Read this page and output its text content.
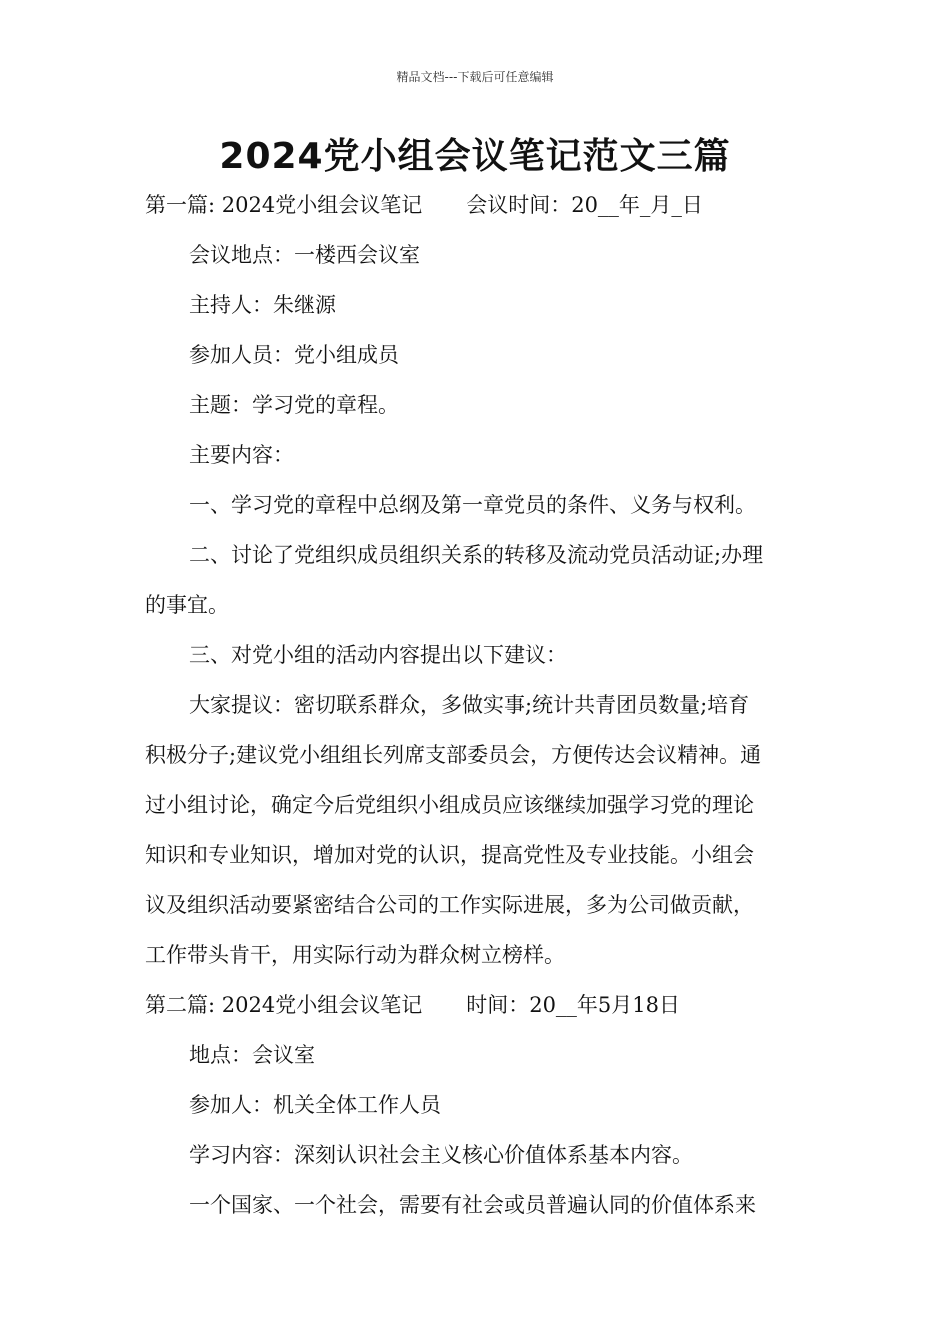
精品文档---下载后可任意编辑
2024党小组会议笔记范文三篇
第一篇: 2024党小组会议笔记 会议时间：20__年_月_日
会议地点：一楼西会议室
主持人：朱继源
参加人员：党小组成员
主题：学习党的章程。
主要内容：
一、学习党的章程中总纲及第一章党员的条件、义务与权利。
二、讨论了党组织成员组织关系的转移及流动党员活动证;办理
的事宜。
三、对党小组的活动内容提出以下建议：
大家提议：密切联系群众，多做实事;统计共青团员数量;培育
积极分子;建议党小组组长列席支部委员会，方便传达会议精神。通
过小组讨论，确定今后党组织小组成员应该继续加强学习党的理论
知识和专业知识，增加对党的认识，提高党性及专业技能。小组会
议及组织活动要紧密结合公司的工作实际进展，多为公司做贡献，
工作带头肯干，用实际行动为群众树立榜样。
第二篇: 2024党小组会议笔记 时间：20__年5月18日
地点：会议室
参加人：机关全体工作人员
学习内容：深刻认识社会主义核心价值体系基本内容。
一个国家、一个社会，需要有社会或员普遍认同的价值体系来
